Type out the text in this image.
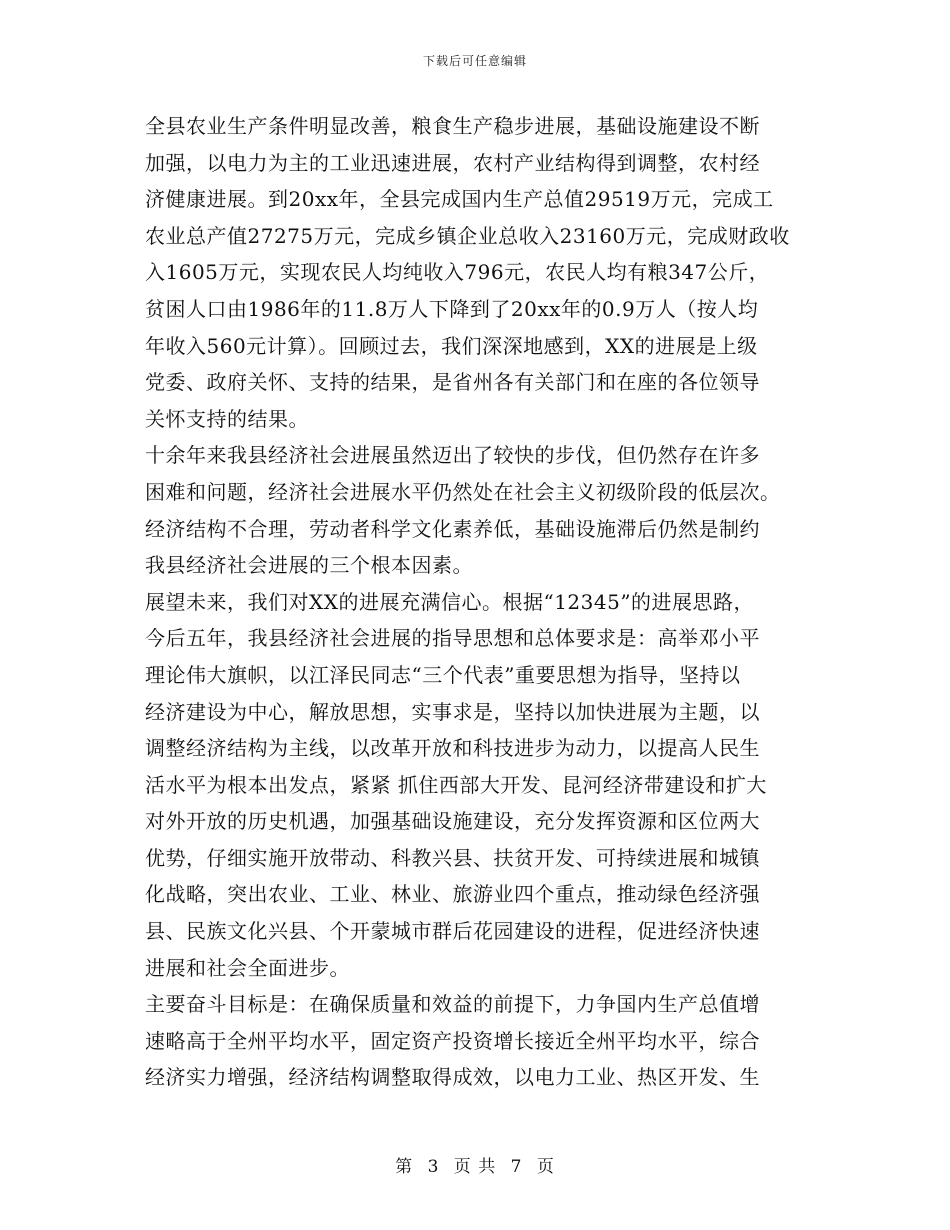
下载后可任意编辑
全县农业生产条件明显改善，粮食生产稳步进展，基础设施建设不断
加强，以电力为主的工业迅速进展，农村产业结构得到调整，农村经
济健康进展。到20xx年，全县完成国内生产总值29519万元，完成工
农业总产值27275万元，完成乡镇企业总收入23160万元，完成财政收
入1605万元，实现农民人均纯收入796元，农民人均有粮347公斤，
贫困人口由1986年的11.8万人下降到了20xx年的0.9万人（按人均
年收入560元计算）。回顾过去，我们深深地感到，XX的进展是上级
党委、政府关怀、支持的结果，是省州各有关部门和在座的各位领导
关怀支持的结果。
十余年来我县经济社会进展虽然迈出了较快的步伐，但仍然存在许多
困难和问题，经济社会进展水平仍然处在社会主义初级阶段的低层次。
经济结构不合理，劳动者科学文化素养低，基础设施滞后仍然是制约
我县经济社会进展的三个根本因素。
展望未来，我们对XX的进展充满信心。根据“12345”的进展思路，
今后五年，我县经济社会进展的指导思想和总体要求是：高举邓小平
理论伟大旗帜，以江泽民同志“三个代表”重要思想为指导，坚持以
经济建设为中心，解放思想，实事求是，坚持以加快进展为主题，以
调整经济结构为主线，以改革开放和科技进步为动力，以提高人民生
活水平为根本出发点，紧紧 抓住西部大开发、昆河经济带建设和扩大
对外开放的历史机遇，加强基础设施建设，充分发挥资源和区位两大
优势，仔细实施开放带动、科教兴县、扶贫开发、可持续进展和城镇
化战略，突出农业、工业、林业、旅游业四个重点，推动绿色经济强
县、民族文化兴县、个开蒙城市群后花园建设的进程，促进经济快速
进展和社会全面进步。
主要奋斗目标是：在确保质量和效益的前提下，力争国内生产总值增
速略高于全州平均水平，固定资产投资增长接近全州平均水平，综合
经济实力增强，经济结构调整取得成效，以电力工业、热区开发、生
第 3 页 共 7 页
